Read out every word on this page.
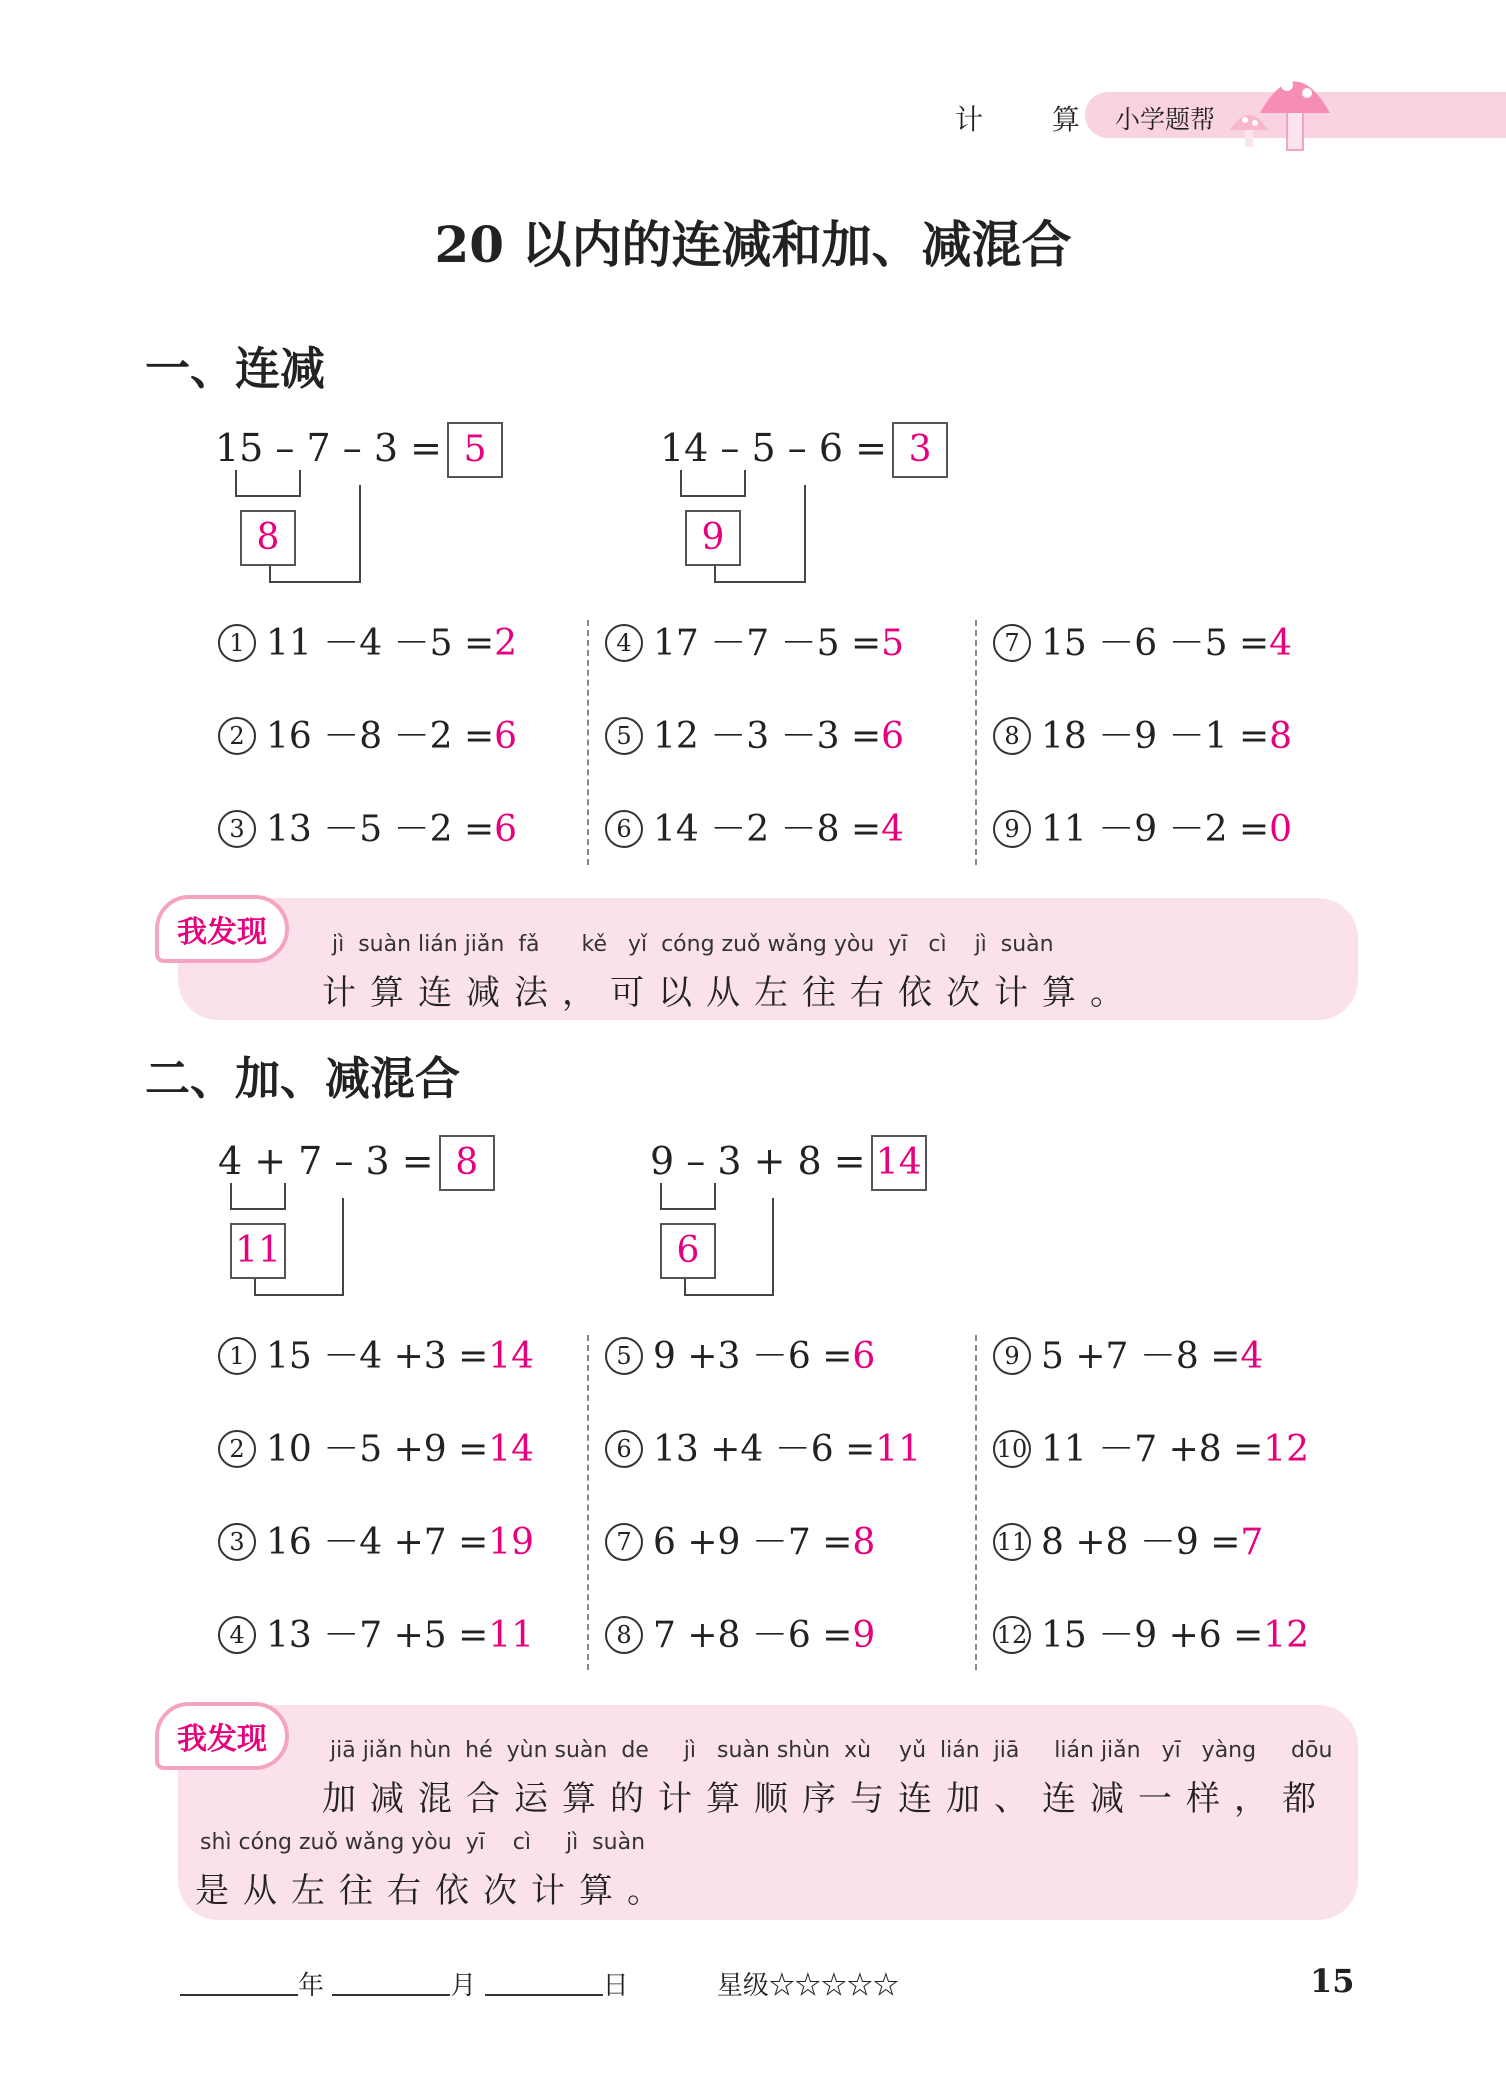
计 算 小学题帮
20 以内的连减和加、减混合
一、连减
15 – 7 – 3 = 5
8
14 – 5 – 6 = 3
9
1 11 －4 －5 =2
2 16 －8 －2 =6
3 13 －5 －2 =6
4 17 －7 －5 =5
5 12 －3 －3 =6
6 14 －2 －8 =4
7 15 －6 －5 =4
8 18 －9 －1 =8
9 11 －9 －2 =0
我发现	jì  suàn lián jiǎn  fǎ      kě   yǐ  cóng zuǒ wǎng yòu  yī   cì    jì  suàn
计算连减法，可以从左往右依次计算。
二、加、减混合
4 + 7 – 3 = 8
11
9 – 3 + 8 = 14
6
1 15 －4 +3 =14
2 10 －5 +9 =14
3 16 －4 +7 =19
4 13 －7 +5 =11
5 9 +3 －6 =6
6 13 +4 －6 =11
7 6 +9 －7 =8
8 7 +8 －6 =9
9 5 +7 －8 =4
10 11 －7 +8 =12
11 8 +8 －9 =7
12 15 －9 +6 =12
我发现	jiā jiǎn hùn  hé  yùn suàn  de     jì   suàn shùn  xù    yǔ  lián  jiā     lián jiǎn   yī   yàng     dōu
加减混合运算的计算顺序与连加、连减一样，都
shì cóng zuǒ wǎng yòu  yī    cì     jì  suàn
是从左往右依次计算。
年	月	日	星级☆☆☆☆☆	15
